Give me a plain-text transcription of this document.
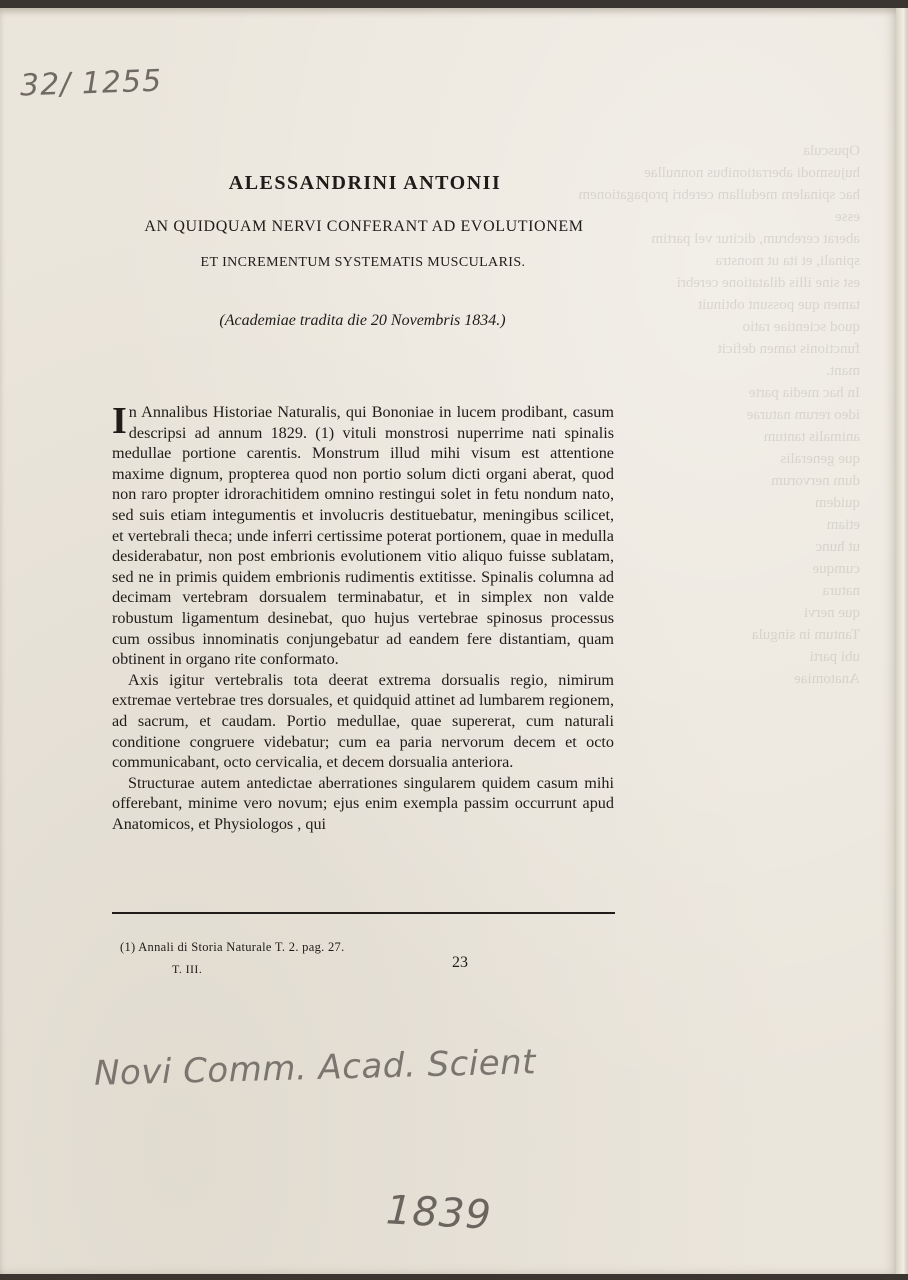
Opuscula
hujusmodi aberrationibus nonnullae
hac spinalem medullam cerebri propagationem esse
aberat cerebrum, dicitur vel partim
spinali, et ita ut monstra
est sine illis dilatatione cerebri
tamen que possunt obtinuit
quod scientiae ratio
functionis tamen deficit
mant.
In hac media parte
ideo rerum naturae
animalis tantum
que generalis
dum nervorum
quidem
etiam
ut hunc
cumque
natura
que nervi
Tantum in singula
ubi parti
Anatomiae
32/ 1255
ALESSANDRINI ANTONII
AN QUIDQUAM NERVI CONFERANT AD EVOLUTIONEM
ET INCREMENTUM SYSTEMATIS MUSCULARIS.
(Academiae tradita die 20 Novembris 1834.)

In Annalibus Historiae Naturalis, qui Bononiae in lucem prodibant, casum descripsi ad annum 1829. (1) vituli monstrosi nuperrime nati spinalis medullae portione carentis. Monstrum illud mihi visum est attentione maxime dignum, propterea quod non portio solum dicti organi aberat, quod non raro propter idrorachitidem omnino restingui solet in fetu nondum nato, sed suis etiam integumentis et involucris destituebatur, meningibus scilicet, et vertebrali theca; unde inferri certissime poterat portionem, quae in medulla desiderabatur, non post embrionis evolutionem vitio aliquo fuisse sublatam, sed ne in primis quidem embrionis rudimentis extitisse. Spinalis columna ad decimam vertebram dorsualem terminabatur, et in simplex non valde robustum ligamentum desinebat, quo hujus vertebrae spinosus processus cum ossibus innominatis conjungebatur ad eandem fere distantiam, quam obtinent in organo rite conformato.

Axis igitur vertebralis tota deerat extrema dorsualis regio, nimirum extremae vertebrae tres dorsuales, et quidquid attinet ad lumbarem regionem, ad sacrum, et caudam. Portio medullae, quae supererat, cum naturali conditione congruere videbatur; cum ea paria nervorum decem et octo communicabant, octo cervicalia, et decem dorsualia anteriora.

Structurae autem antedictae aberrationes singularem quidem casum mihi offerebant, minime vero novum; ejus enim exempla passim occurrunt apud Anatomicos, et Physiologos , qui

(1) Annali di Storia Naturale T. 2. pag. 27.
T. III.	23
Novi Comm. Acad. Scient
1839
